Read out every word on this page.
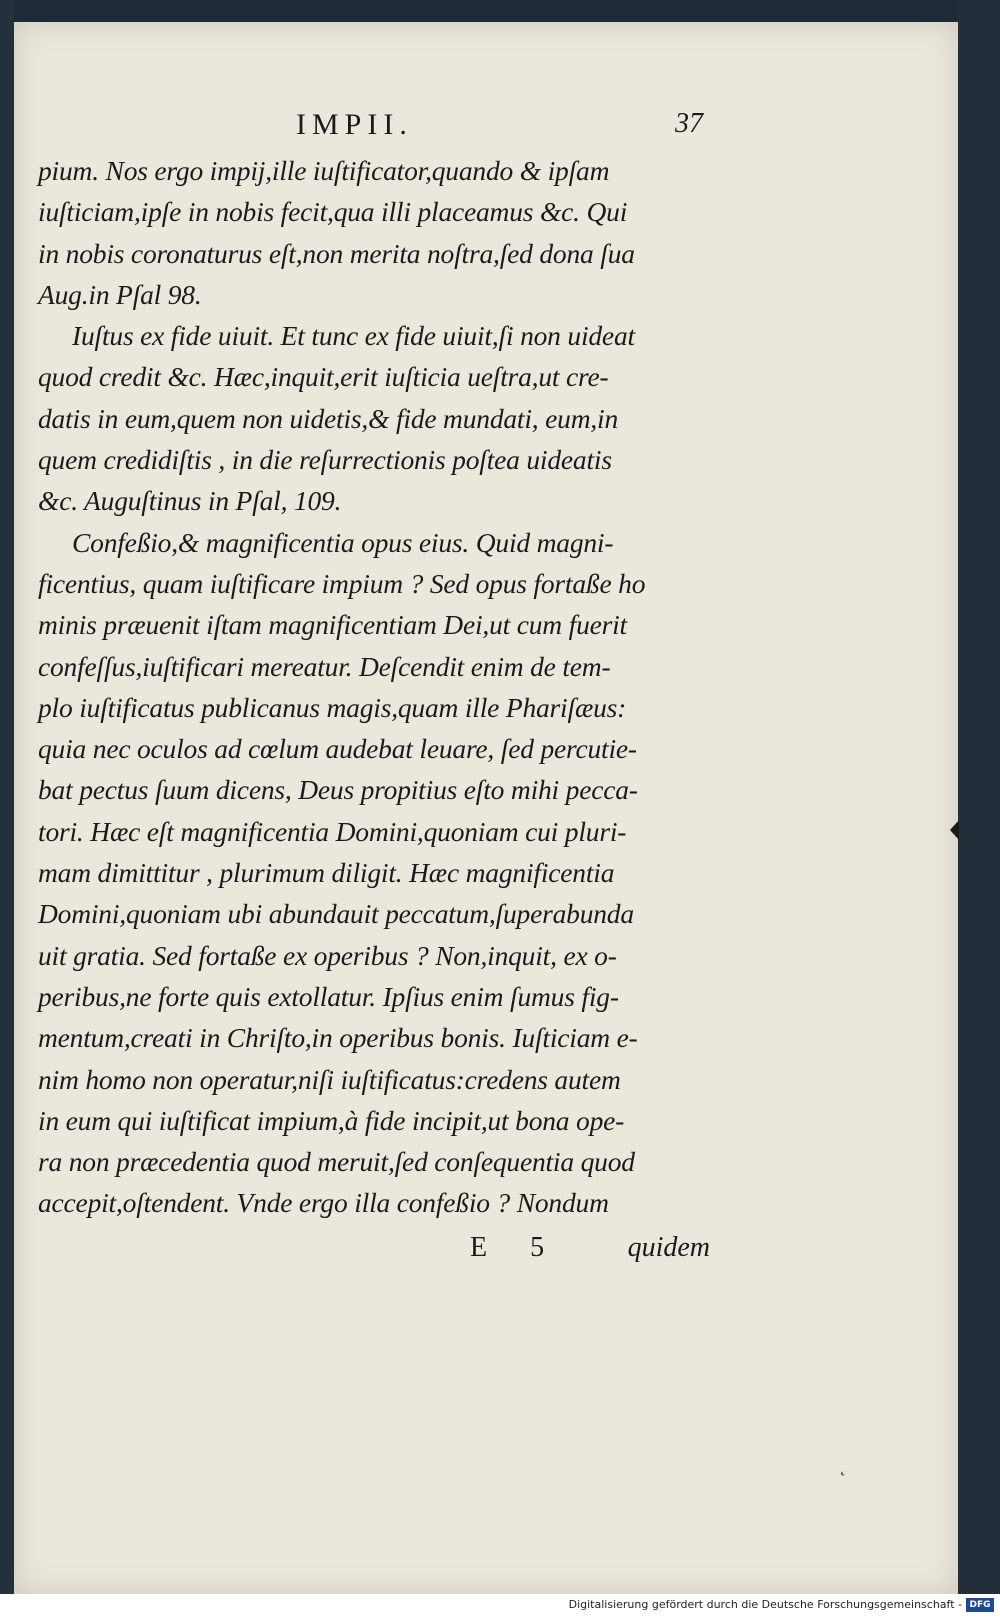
IMPII.	37
pium. Nos ergo impij,ille iuſtificator,quando & ipſam
iuſticiam,ipſe in nobis fecit,qua illi placeamus &c. Qui
in nobis coronaturus eſt,non merita noſtra,ſed dona ſua
Aug.in Pſal 98.
Iuſtus ex fide uiuit. Et tunc ex fide uiuit,ſi non uideat
quod credit &c. Hæc,inquit,erit iuſticia ueſtra,ut cre-
datis in eum,quem non uidetis,& fide mundati, eum,in
quem credidiſtis , in die reſurrectionis poſtea uideatis
&c. Auguſtinus in Pſal, 109.
Confeßio,& magnificentia opus eius. Quid magni-
ficentius, quam iuſtificare impium ? Sed opus fortaße ho
minis præuenit iſtam magnificentiam Dei,ut cum fuerit
confeſſus,iuſtificari mereatur. Deſcendit enim de tem-
plo iuſtificatus publicanus magis,quam ille Phariſæus:
quia nec oculos ad cœlum audebat leuare, ſed percutie-
bat pectus ſuum dicens, Deus propitius eſto mihi pecca-
tori. Hæc eſt magnificentia Domini,quoniam cui pluri-
mam dimittitur , plurimum diligit. Hæc magnificentia
Domini,quoniam ubi abundauit peccatum,ſuperabunda
uit gratia. Sed fortaße ex operibus ? Non,inquit, ex o-
peribus,ne forte quis extollatur. Ipſius enim ſumus fig-
mentum,creati in Chriſto,in operibus bonis. Iuſticiam e-
nim homo non operatur,niſi iuſtificatus:credens autem
in eum qui iuſtificat impium,à fide incipit,ut bona ope-
ra non præcedentia quod meruit,ſed conſequentia quod
accepit,oſtendent. Vnde ergo illa confeßio ? Nondum
E 5 quidem
˛
Digitalisierung gefördert durch die Deutsche Forschungsgemeinschaft - DFG
